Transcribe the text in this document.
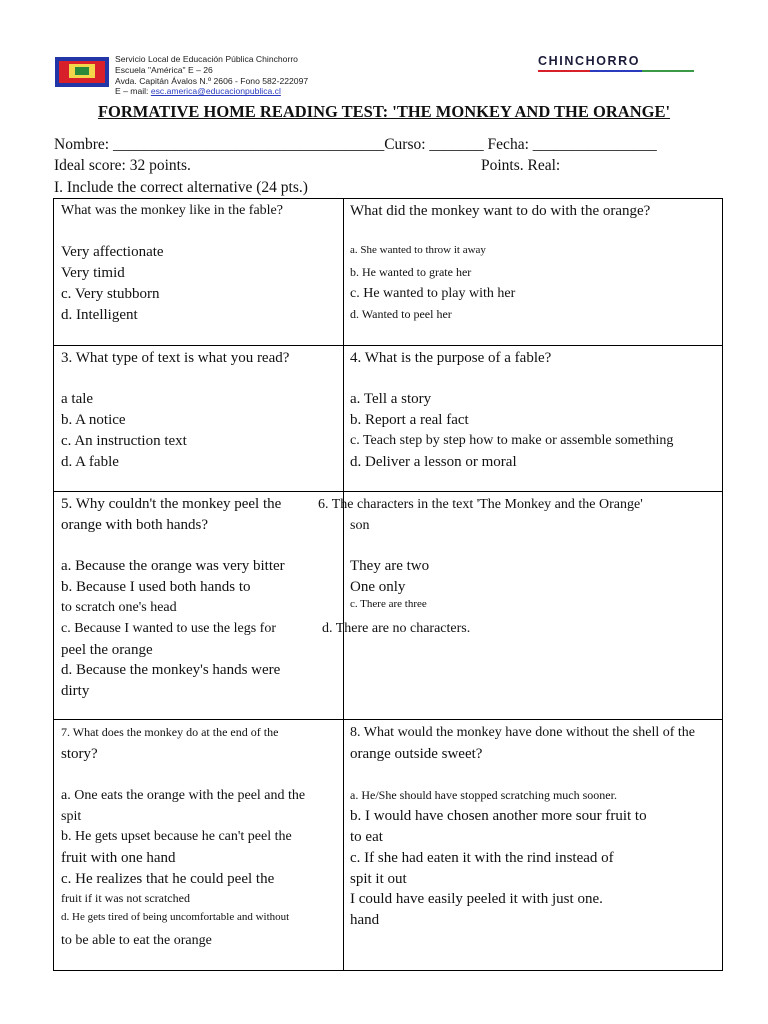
Servicio Local de Educación Pública Chinchorro
Escuela "América" E – 26
Avda. Capitán Ávalos N.º 2606 - Fono 582-222097
E – mail: esc.america@educacionpublica.cl
CHINCHORRO
FORMATIVE HOME READING TEST: 'THE MONKEY AND THE ORANGE'
Nombre: ___________________________________Curso: _______ Fecha: ________________
Ideal score: 32 points.	Points. Real:
I. Include the correct alternative (24 pts.)
What was the monkey like in the fable?
Very affectionate
Very timid
c. Very stubborn
d. Intelligent
What did the monkey want to do with the orange?
a. She wanted to throw it away
b. He wanted to grate her
c. He wanted to play with her
d. Wanted to peel her
3. What type of text is what you read?
a tale
b. A notice
c. An instruction text
d. A fable
4. What is the purpose of a fable?
a. Tell a story
b. Report a real fact
c. Teach step by step how to make or assemble something
d. Deliver a lesson or moral
5. Why couldn't the monkey peel the
orange with both hands?
a. Because the orange was very bitter
b. Because I used both hands to
to scratch one's head
c. Because I wanted to use the legs for
peel the orange
d. Because the monkey's hands were
dirty
6. The characters in the text 'The Monkey and the Orange'
son
They are two
One only
c. There are three
d. There are no characters.
7. What does the monkey do at the end of the
story?
a. One eats the orange with the peel and the
spit
b. He gets upset because he can't peel the
fruit with one hand
c. He realizes that he could peel the
fruit if it was not scratched
d. He gets tired of being uncomfortable and without
to be able to eat the orange
8. What would the monkey have done without the shell of the
orange outside sweet?
a. He/She should have stopped scratching much sooner.
b. I would have chosen another more sour fruit to
to eat
c. If she had eaten it with the rind instead of
spit it out
I could have easily peeled it with just one.
hand
